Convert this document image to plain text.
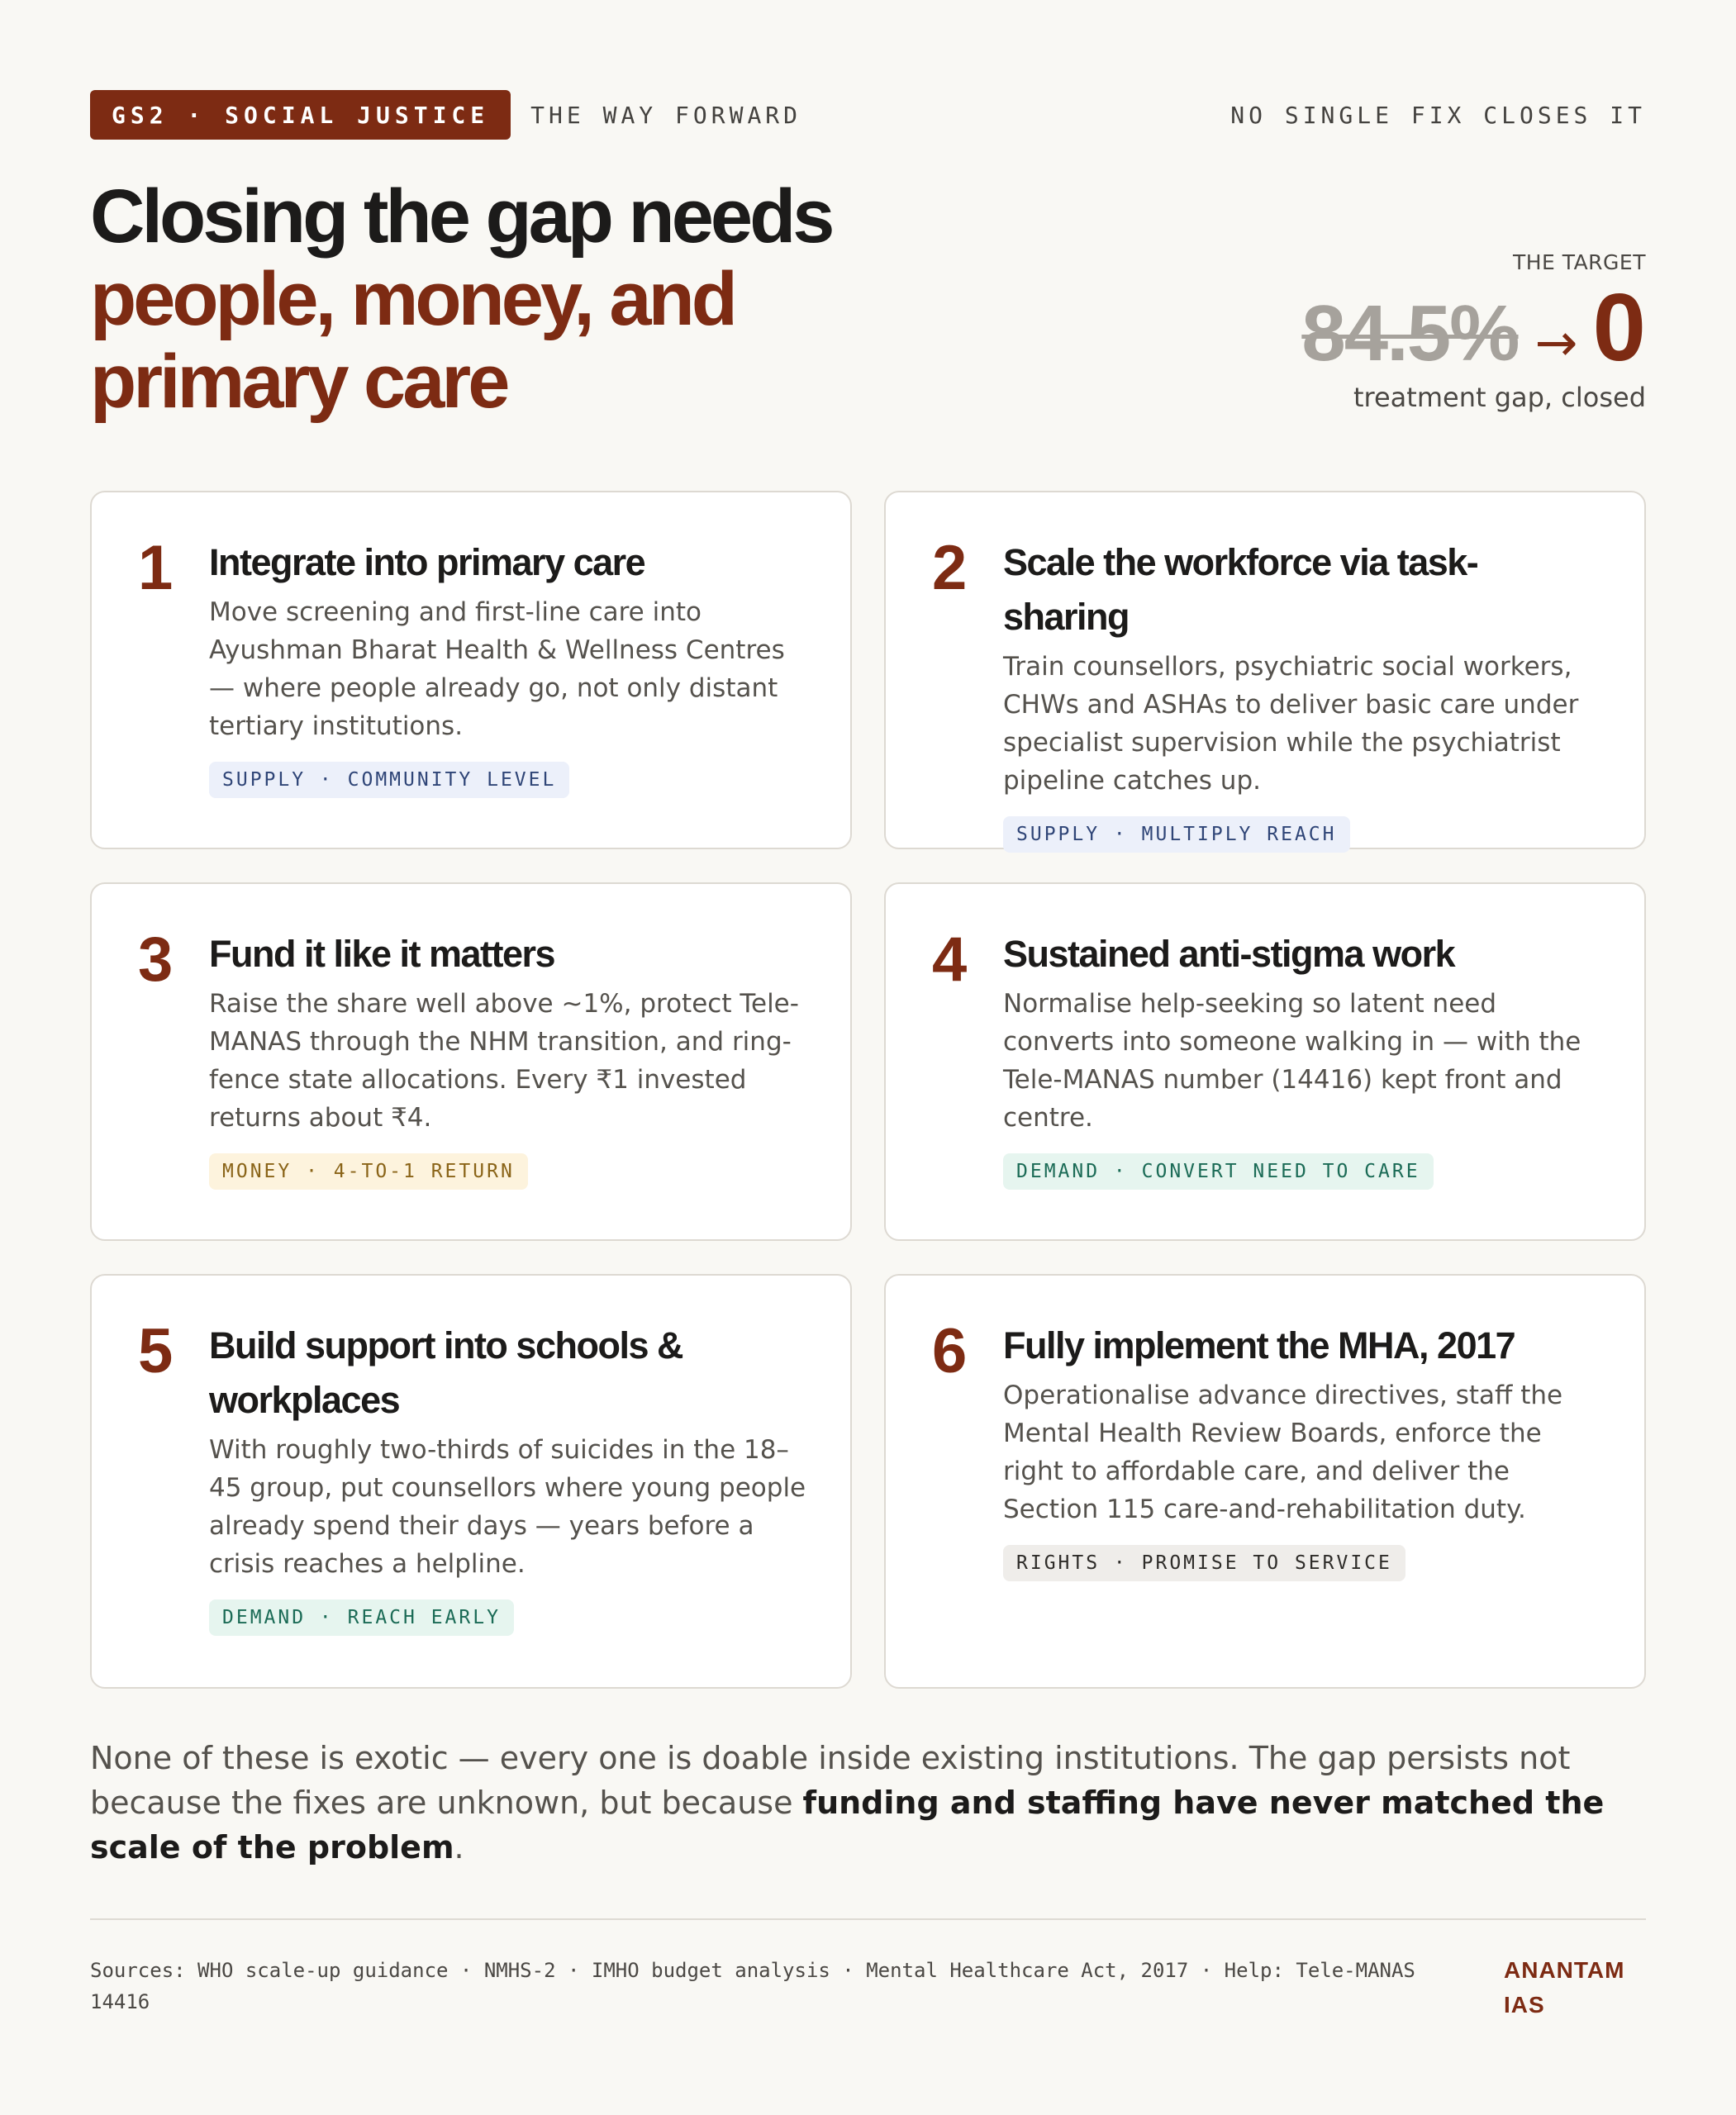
GS2 · SOCIAL JUSTICE	THE WAY FORWARD	NO SINGLE FIX CLOSES IT
Closing the gap needs
people, money, and
primary care
THE TARGET
84.5% → 0
treatment gap, closed
1 Integrate into primary care

Move screening and first-line care into Ayushman Bharat Health & Wellness Centres — where people already go, not only distant tertiary institutions.

SUPPLY · COMMUNITY LEVEL
2 Scale the workforce via task-sharing

Train counsellors, psychiatric social workers, CHWs and ASHAs to deliver basic care under specialist supervision while the psychiatrist pipeline catches up.

SUPPLY · MULTIPLY REACH
3 Fund it like it matters

Raise the share well above ~1%, protect Tele-MANAS through the NHM transition, and ring-fence state allocations. Every ₹1 invested returns about ₹4.

MONEY · 4-TO-1 RETURN
4 Sustained anti-stigma work

Normalise help-seeking so latent need converts into someone walking in — with the Tele-MANAS number (14416) kept front and centre.

DEMAND · CONVERT NEED TO CARE
5 Build support into schools & workplaces

With roughly two-thirds of suicides in the 18–45 group, put counsellors where young people already spend their days — years before a crisis reaches a helpline.

DEMAND · REACH EARLY
6 Fully implement the MHA, 2017

Operationalise advance directives, staff the Mental Health Review Boards, enforce the right to affordable care, and deliver the Section 115 care-and-rehabilitation duty.

RIGHTS · PROMISE TO SERVICE

None of these is exotic — every one is doable inside existing institutions. The gap persists not because the fixes are unknown, but because funding and staffing have never matched the scale of the problem.

Sources: WHO scale-up guidance · NMHS-2 · IMHO budget analysis · Mental Healthcare Act, 2017 · Help: Tele-MANAS 14416
ANANTAM
IAS
